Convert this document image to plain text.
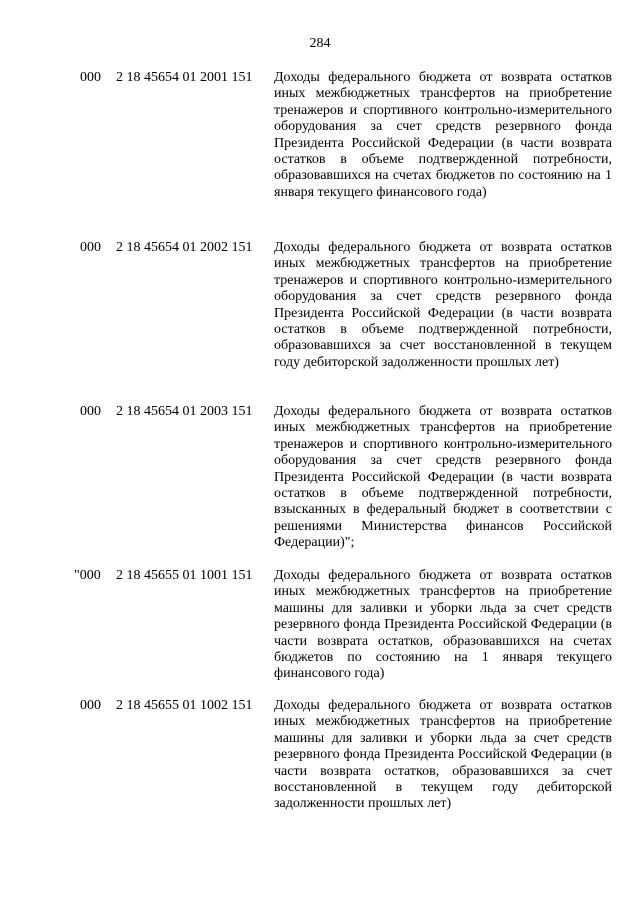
284
000	2 18 45654 01 2001 151	Доходы федерального бюджета от возврата остатков иных межбюджетных трансфертов на приобретение тренажеров и спортивного контрольно-измерительного оборудования за счет средств резервного фонда Президента Российской Федерации (в части возврата остатков в объеме подтвержденной потребности, образовавшихся на счетах бюджетов по состоянию на 1 января текущего финансового года)
000	2 18 45654 01 2002 151	Доходы федерального бюджета от возврата остатков иных межбюджетных трансфертов на приобретение тренажеров и спортивного контрольно-измерительного оборудования за счет средств резервного фонда Президента Российской Федерации (в части возврата остатков в объеме подтвержденной потребности, образовавшихся за счет восстановленной в текущем году дебиторской задолженности прошлых лет)
000	2 18 45654 01 2003 151	Доходы федерального бюджета от возврата остатков иных межбюджетных трансфертов на приобретение тренажеров и спортивного контрольно-измерительного оборудования за счет средств резервного фонда Президента Российской Федерации (в части возврата остатков в объеме подтвержденной потребности, взысканных в федеральный бюджет в соответствии с решениями Министерства финансов Российской Федерации)";
"000	2 18 45655 01 1001 151	Доходы федерального бюджета от возврата остатков иных межбюджетных трансфертов на приобретение машины для заливки и уборки льда за счет средств резервного фонда Президента Российской Федерации (в части возврата остатков, образовавшихся на счетах бюджетов по состоянию на 1 января текущего финансового года)
000	2 18 45655 01 1002 151	Доходы федерального бюджета от возврата остатков иных межбюджетных трансфертов на приобретение машины для заливки и уборки льда за счет средств резервного фонда Президента Российской Федерации (в части возврата остатков, образовавшихся за счет восстановленной в текущем году дебиторской задолженности прошлых лет)
